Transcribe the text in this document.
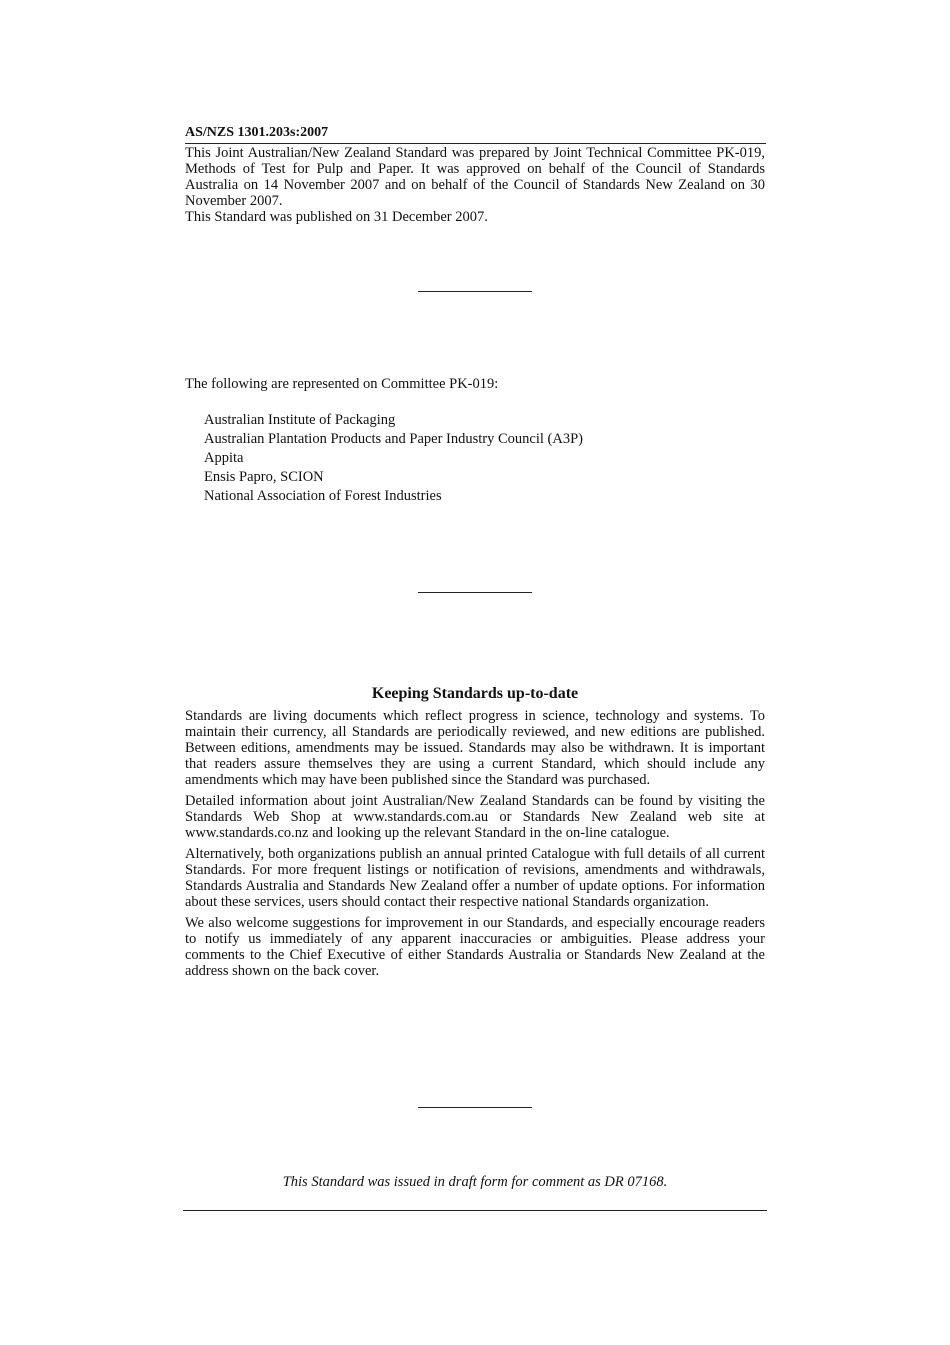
AS/NZS 1301.203s:2007

This Joint Australian/New Zealand Standard was prepared by Joint Technical Committee PK-019, Methods of Test for Pulp and Paper. It was approved on behalf of the Council of Standards Australia on 14 November 2007 and on behalf of the Council of Standards New Zealand on 30 November 2007.

This Standard was published on 31 December 2007.

The following are represented on Committee PK-019:
Australian Institute of Packaging
Australian Plantation Products and Paper Industry Council (A3P)
Appita
Ensis Papro, SCION
National Association of Forest Industries
Keeping Standards up-to-date

Standards are living documents which reflect progress in science, technology and systems. To maintain their currency, all Standards are periodically reviewed, and new editions are published. Between editions, amendments may be issued. Standards may also be withdrawn. It is important that readers assure themselves they are using a current Standard, which should include any amendments which may have been published since the Standard was purchased.

Detailed information about joint Australian/New Zealand Standards can be found by visiting the Standards Web Shop at www.standards.com.au or Standards New Zealand web site at www.standards.co.nz and looking up the relevant Standard in the on-line catalogue.

Alternatively, both organizations publish an annual printed Catalogue with full details of all current Standards. For more frequent listings or notification of revisions, amendments and withdrawals, Standards Australia and Standards New Zealand offer a number of update options. For information about these services, users should contact their respective national Standards organization.

We also welcome suggestions for improvement in our Standards, and especially encourage readers to notify us immediately of any apparent inaccuracies or ambiguities. Please address your comments to the Chief Executive of either Standards Australia or Standards New Zealand at the address shown on the back cover.

This Standard was issued in draft form for comment as DR 07168.
